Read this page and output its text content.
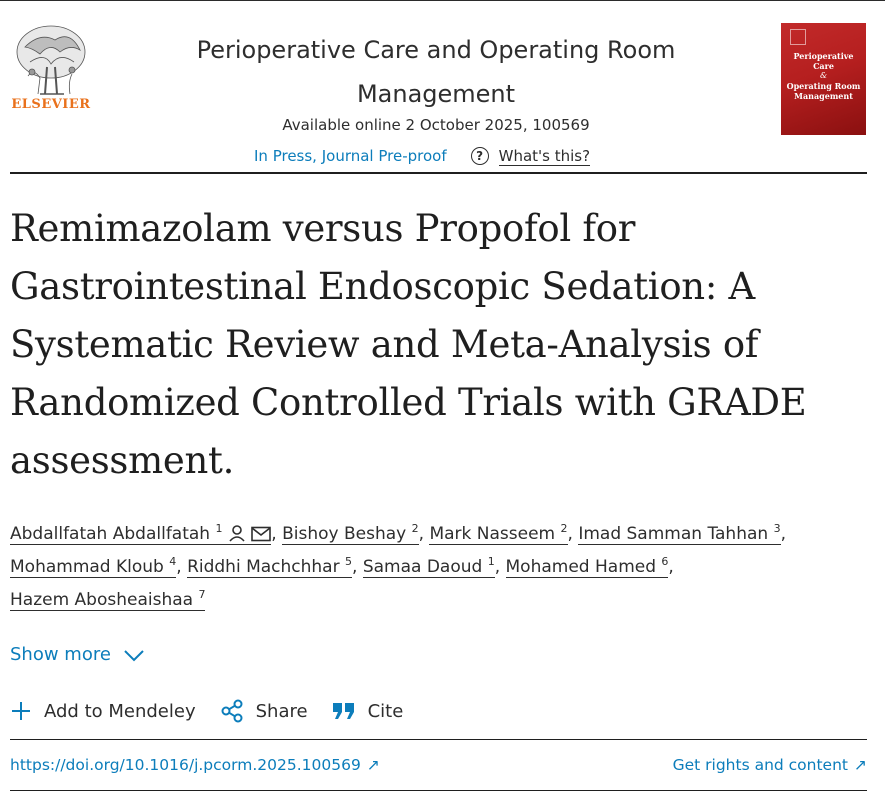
ELSEVIER
Perioperative Care and Operating Room Management
Available online 2 October 2025, 100569
In Press, Journal Pre-proof	?	What's this?
Perioperative Care
&
Operating Room
Management
Remimazolam versus Propofol for Gastrointestinal Endoscopic Sedation: A Systematic Review and Meta-Analysis of Randomized Controlled Trials with GRADE assessment.
Abdallfatah Abdallfatah $^1$	, Bishoy Beshay $^2$, Mark Nasseem $^2$, Imad Samman Tahhan $^3$, Mohammad Kloub $^4$, Riddhi Machchhar $^5$, Samaa Daoud $^1$, Mohamed Hamed $^6$,
Hazem Abosheaishaa $^7$
Show more
Add to Mendeley	Share	Cite
https://doi.org/10.1016/j.pcorm.2025.100569 ↗	Get rights and content ↗
